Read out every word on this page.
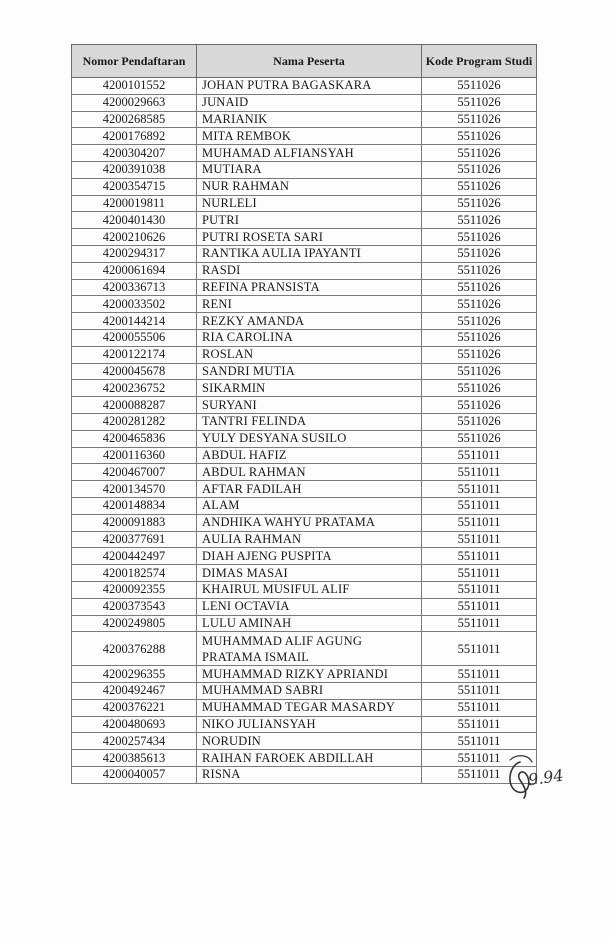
Nomor Pendaftaran	Nama Peserta	Kode Program Studi
4200101552	JOHAN PUTRA BAGASKARA	5511026
4200029663	JUNAID	5511026
4200268585	MARIANIK	5511026
4200176892	MITA REMBOK	5511026
4200304207	MUHAMAD ALFIANSYAH	5511026
4200391038	MUTIARA	5511026
4200354715	NUR RAHMAN	5511026
4200019811	NURLELI	5511026
4200401430	PUTRI	5511026
4200210626	PUTRI ROSETA SARI	5511026
4200294317	RANTIKA AULIA IPAYANTI	5511026
4200061694	RASDI	5511026
4200336713	REFINA PRANSISTA	5511026
4200033502	RENI	5511026
4200144214	REZKY AMANDA	5511026
4200055506	RIA CAROLINA	5511026
4200122174	ROSLAN	5511026
4200045678	SANDRI MUTIA	5511026
4200236752	SIKARMIN	5511026
4200088287	SURYANI	5511026
4200281282	TANTRI FELINDA	5511026
4200465836	YULY DESYANA SUSILO	5511026
4200116360	ABDUL HAFIZ	5511011
4200467007	ABDUL RAHMAN	5511011
4200134570	AFTAR FADILAH	5511011
4200148834	ALAM	5511011
4200091883	ANDHIKA WAHYU PRATAMA	5511011
4200377691	AULIA RAHMAN	5511011
4200442497	DIAH AJENG PUSPITA	5511011
4200182574	DIMAS MASAI	5511011
4200092355	KHAIRUL MUSIFUL ALIF	5511011
4200373543	LENI OCTAVIA	5511011
4200249805	LULU AMINAH	5511011
4200376288	MUHAMMAD ALIF AGUNG PRATAMA ISMAIL	5511011
4200296355	MUHAMMAD RIZKY APRIANDI	5511011
4200492467	MUHAMMAD SABRI	5511011
4200376221	MUHAMMAD TEGAR MASARDY	5511011
4200480693	NIKO JULIANSYAH	5511011
4200257434	NORUDIN	5511011
4200385613	RAIHAN FAROEK ABDILLAH	5511011
4200040057	RISNA	5511011 9.94
